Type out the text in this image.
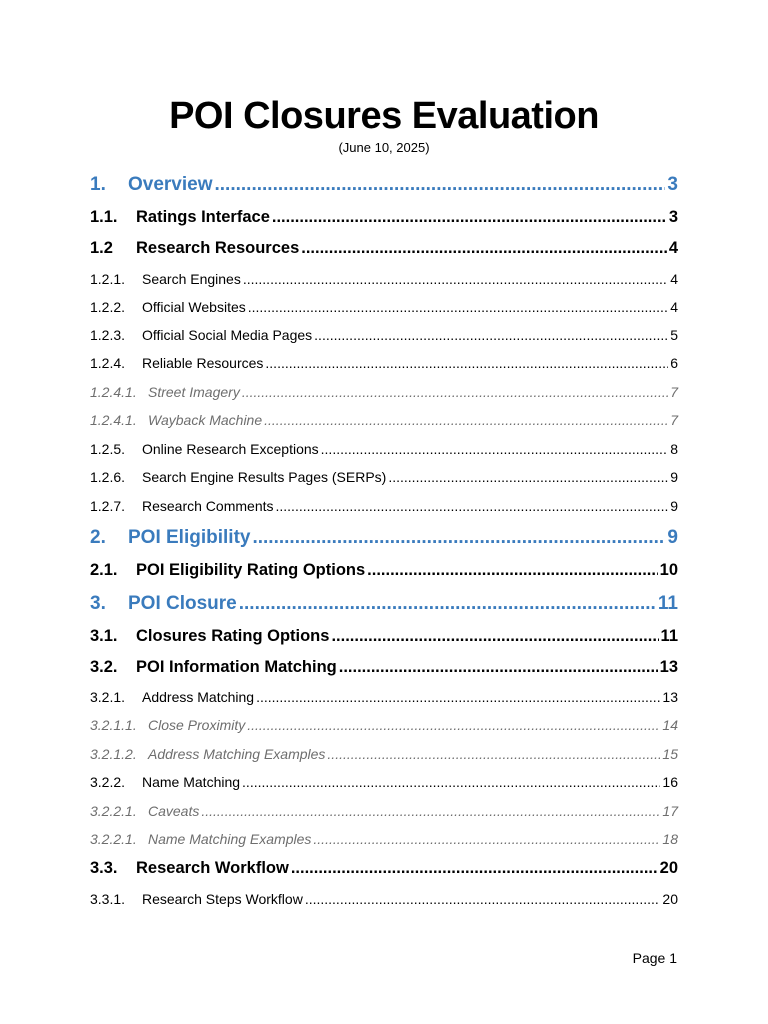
POI Closures Evaluation
(June 10, 2025)
1.	Overview .....	3
1.1.	Ratings Interface .....	3
1.2	Research Resources .....	4
1.2.1.	Search Engines .....	4
1.2.2.	Official Websites .....	4
1.2.3.	Official Social Media Pages .....	5
1.2.4.	Reliable Resources .....	6
1.2.4.1. Street Imagery .....	7
1.2.4.1. Wayback Machine .....	7
1.2.5.	Online Research Exceptions .....	8
1.2.6.	Search Engine Results Pages (SERPs) .....	9
1.2.7.	Research Comments .....	9
2.	POI Eligibility .....	9
2.1.	POI Eligibility Rating Options .....	10
3.	POI Closure .....	11
3.1.	Closures Rating Options .....	11
3.2.	POI Information Matching .....	13
3.2.1.	Address Matching .....	13
3.2.1.1. Close Proximity .....	14
3.2.1.2. Address Matching Examples .....	15
3.2.2.	Name Matching .....	16
3.2.2.1. Caveats .....	17
3.2.2.1. Name Matching Examples .....	18
3.3.	Research Workflow .....	20
3.3.1.	Research Steps Workflow .....	20
Page 1
